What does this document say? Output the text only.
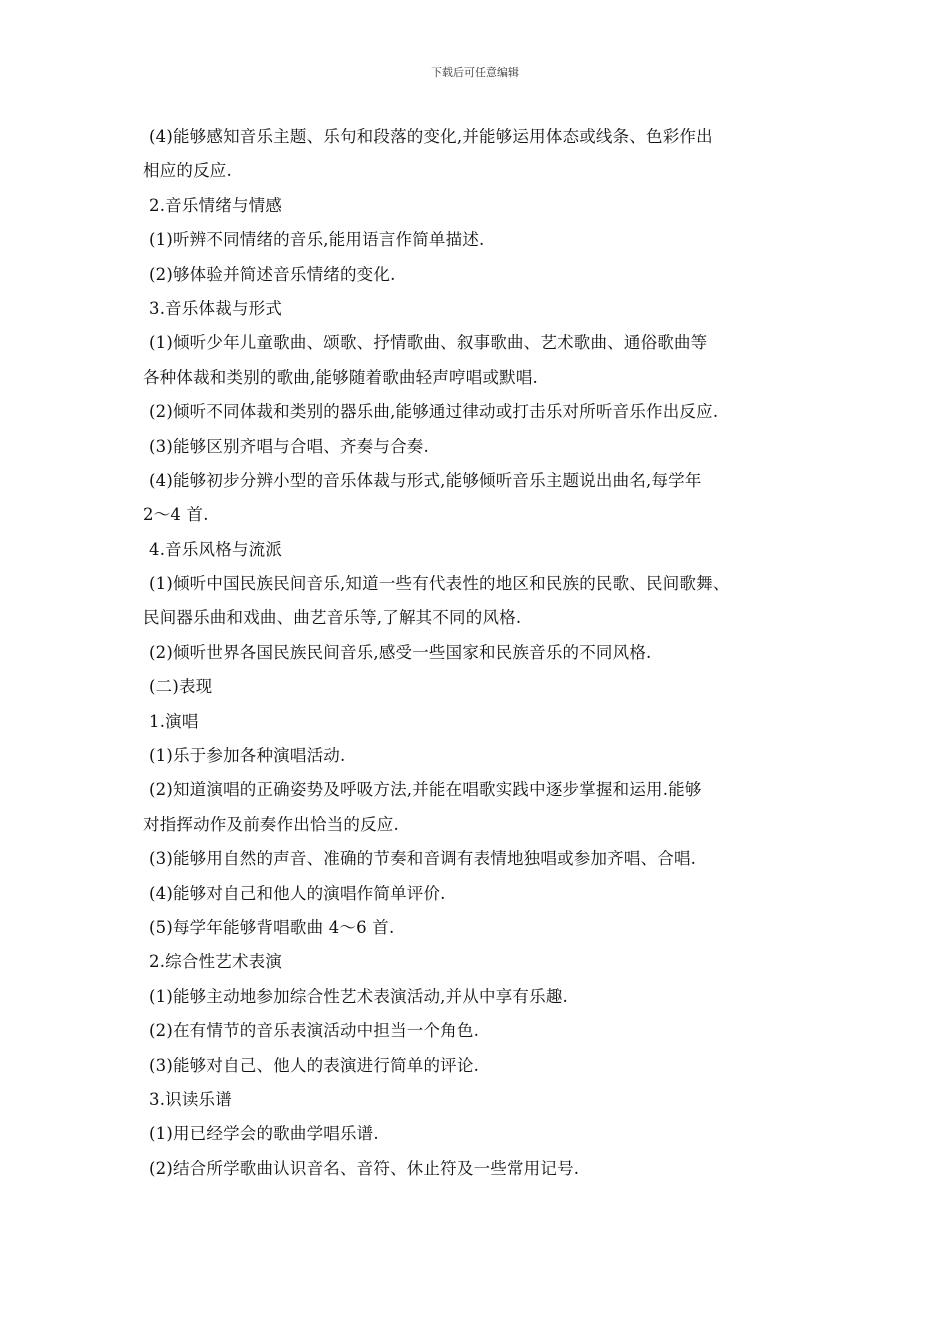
下载后可任意编辑
(4)能够感知音乐主题、乐句和段落的变化,并能够运用体态或线条、色彩作出
相应的反应.
2.音乐情绪与情感
(1)听辨不同情绪的音乐,能用语言作简单描述.
(2)够体验并简述音乐情绪的变化.
3.音乐体裁与形式
(1)倾听少年儿童歌曲、颂歌、抒情歌曲、叙事歌曲、艺术歌曲、通俗歌曲等
各种体裁和类别的歌曲,能够随着歌曲轻声哼唱或默唱.
(2)倾听不同体裁和类别的器乐曲,能够通过律动或打击乐对所听音乐作出反应.
(3)能够区别齐唱与合唱、齐奏与合奏.
(4)能够初步分辨小型的音乐体裁与形式,能够倾听音乐主题说出曲名,每学年
2～4 首.
4.音乐风格与流派
(1)倾听中国民族民间音乐,知道一些有代表性的地区和民族的民歌、民间歌舞、
民间器乐曲和戏曲、曲艺音乐等,了解其不同的风格.
(2)倾听世界各国民族民间音乐,感受一些国家和民族音乐的不同风格.
(二)表现
1.演唱
(1)乐于参加各种演唱活动.
(2)知道演唱的正确姿势及呼吸方法,并能在唱歌实践中逐步掌握和运用.能够
对指挥动作及前奏作出恰当的反应.
(3)能够用自然的声音、准确的节奏和音调有表情地独唱或参加齐唱、合唱.
(4)能够对自己和他人的演唱作简单评价.
(5)每学年能够背唱歌曲 4～6 首.
2.综合性艺术表演
(1)能够主动地参加综合性艺术表演活动,并从中享有乐趣.
(2)在有情节的音乐表演活动中担当一个角色.
(3)能够对自己、他人的表演进行简单的评论.
3.识读乐谱
(1)用已经学会的歌曲学唱乐谱.
(2)结合所学歌曲认识音名、音符、休止符及一些常用记号.
